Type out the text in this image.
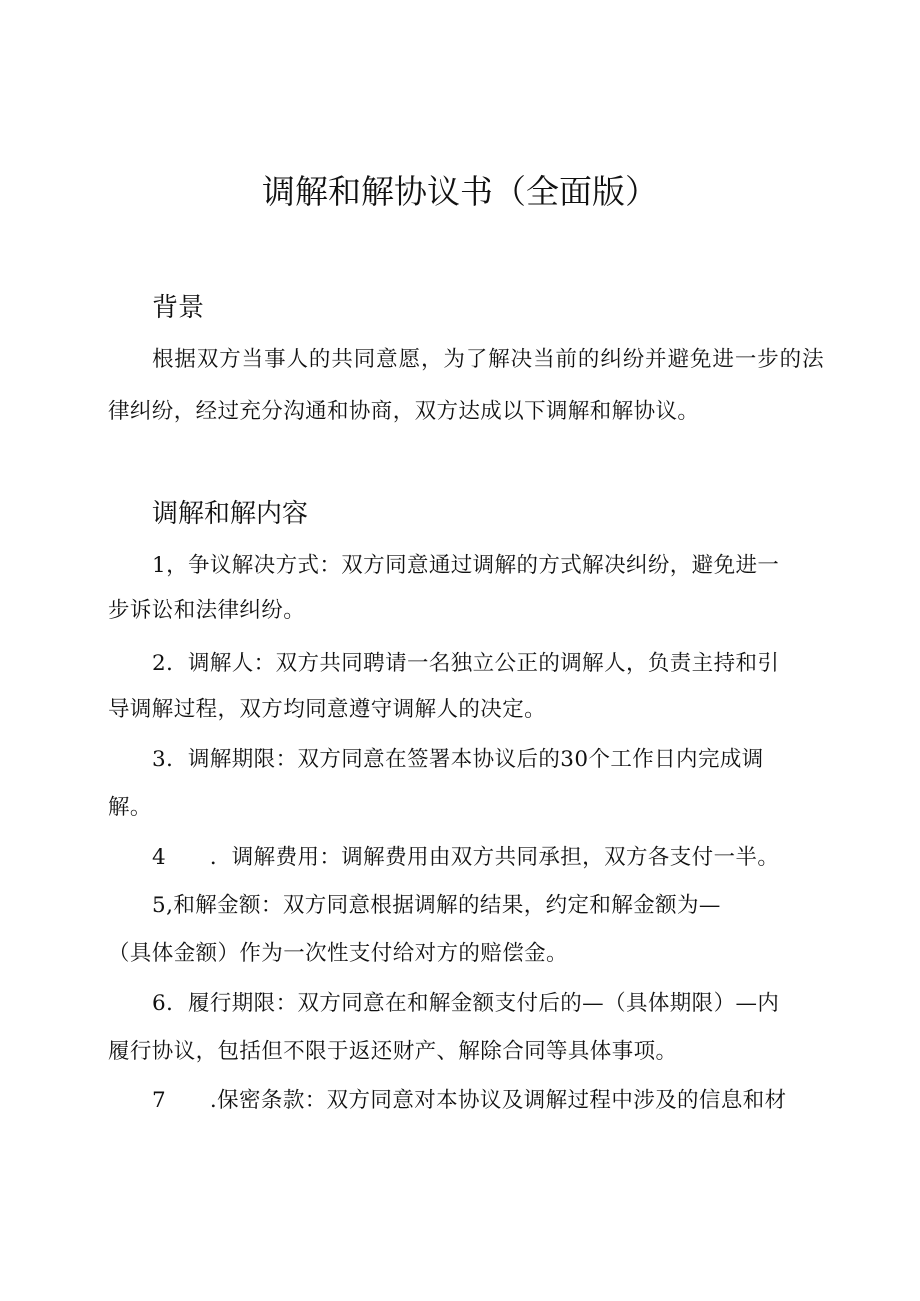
调解和解协议书（全面版）
背景

根据双方当事人的共同意愿，为了解决当前的纠纷并避免进一步的法律纠纷，经过充分沟通和协商，双方达成以下调解和解协议。

调解和解内容
1，争议解决方式：双方同意通过调解的方式解决纠纷，避免进一
步诉讼和法律纠纷。
2．调解人：双方共同聘请一名独立公正的调解人，负责主持和引
导调解过程，双方均同意遵守调解人的决定。
3．调解期限：双方同意在签署本协议后的30个工作日内完成调
解。
4　　．调解费用：调解费用由双方共同承担，双方各支付一半。
5,和解金额：双方同意根据调解的结果，约定和解金额为—
（具体金额）作为一次性支付给对方的赔偿金。
6．履行期限：双方同意在和解金额支付后的—（具体期限）—内
履行协议，包括但不限于返还财产、解除合同等具体事项。
7　　.保密条款：双方同意对本协议及调解过程中涉及的信息和材
